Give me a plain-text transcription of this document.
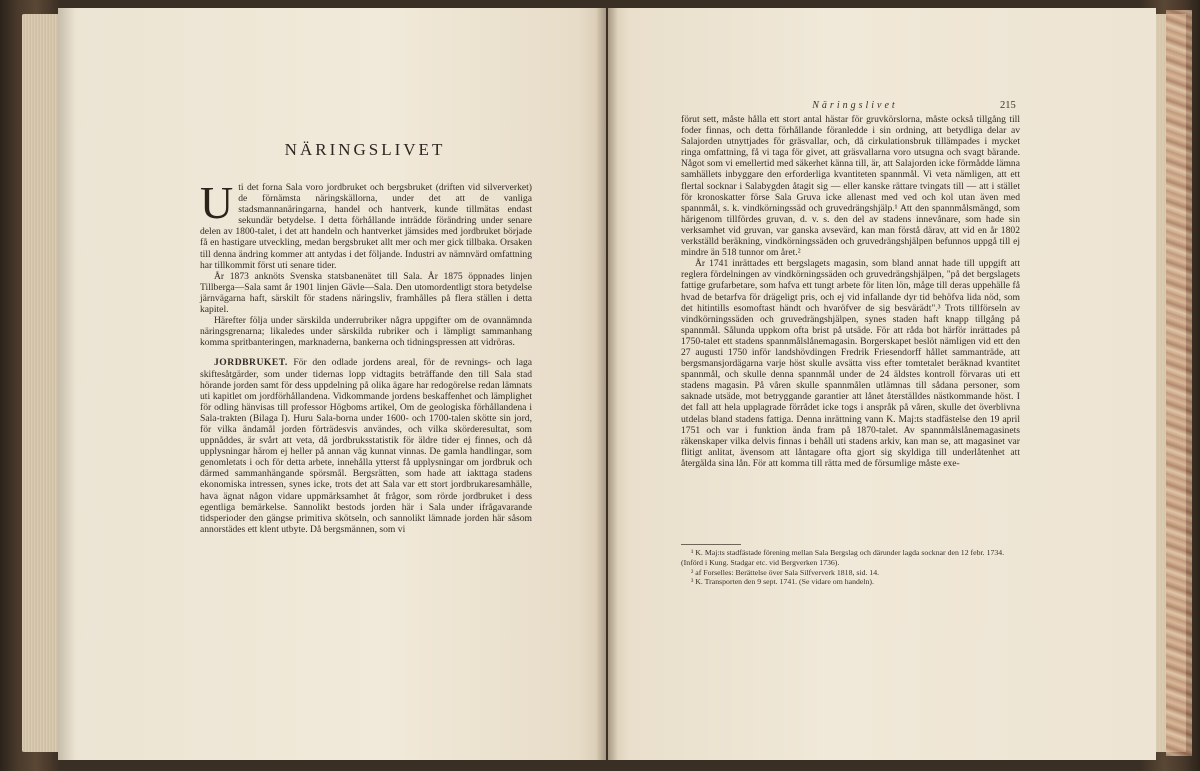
NÄRINGSLIVET

Uti det forna Sala voro jordbruket och bergsbruket (driften vid silververket) de förnämsta näringskällorna, under det att de vanliga stadsmannanäringarna, handel och hantverk, kunde tillmätas endast sekundär betydelse. I detta förhållande inträdde förändring under senare delen av 1800-talet, i det att handeln och hantverket jämsides med jordbruket började få en hastigare utveckling, medan bergsbruket allt mer och mer gick tillbaka. Orsaken till denna ändring kommer att antydas i det följande. Industri av nämnvärd omfattning har tillkommit först uti senare tider.

År 1873 anknöts Svenska statsbanenätet till Sala. År 1875 öppnades linjen Tillberga—Sala samt år 1901 linjen Gävle—Sala. Den utomordentligt stora betydelse järnvägarna haft, särskilt för stadens näringsliv, framhålles på flera ställen i detta kapitel.

Härefter följa under särskilda underrubriker några uppgifter om de ovannämnda näringsgrenarna; likaledes under särskilda rubriker och i lämpligt sammanhang komma spritbanteringen, marknaderna, bankerna och tidningspressen att vidröras.

JORDBRUKET. För den odlade jordens areal, för de revnings- och laga skiftesåtgärder, som under tidernas lopp vidtagits beträffande den till Sala stad hörande jorden samt för dess uppdelning på olika ägare har redogörelse redan lämnats uti kapitlet om jordförhållandena. Vidkommande jordens beskaffenhet och lämplighet för odling hänvisas till professor Högboms artikel, Om de geologiska förhållandena i Sala-trakten (Bilaga I). Huru Sala-borna under 1600- och 1700-talen skötte sin jord, för vilka ändamål jorden förträdesvis användes, och vilka skörderesultat, som uppnåddes, är svårt att veta, då jordbruksstatistik för äldre tider ej finnes, och då upplysningar härom ej heller på annan väg kunnat vinnas. De gamla handlingar, som genomletats i och för detta arbete, innehålla ytterst få upplysningar om jordbruk och därmed sammanhängande spörsmål. Bergsrätten, som hade att iakttaga stadens ekonomiska intressen, synes icke, trots det att Sala var ett stort jordbrukaresamhälle, hava ägnat någon vidare uppmärksamhet åt frågor, som rörde jordbruket i dess egentliga bemärkelse. Sannolikt bestods jorden här i Sala under ifrågavarande tidsperioder den gängse primitiva skötseln, och sannolikt lämnade jorden här såsom annorstädes ett klent utbyte. Då bergsmännen, som vi

Näringslivet	215

förut sett, måste hålla ett stort antal hästar för gruvkörslorna, måste också tillgång till foder finnas, och detta förhållande föranledde i sin ordning, att betydliga delar av Salajorden utnyttjades för gräsvallar, och, då cirkulationsbruk tillämpades i mycket ringa omfattning, få vi taga för givet, att gräsvallarna voro utsugna och svagt bärande. Något som vi emellertid med säkerhet känna till, är, att Salajorden icke förmådde lämna samhällets inbyggare den erforderliga kvantiteten spannmål. Vi veta nämligen, att ett flertal socknar i Salabygden åtagit sig — eller kanske rättare tvingats till — att i stället för kronoskatter förse Sala Gruva icke allenast med ved och kol utan även med spannmål, s. k. vindkörningssäd och gruvedrängshjälp.¹ Att den spannmålsmängd, som härigenom tillfördes gruvan, d. v. s. den del av stadens innevånare, som hade sin verksamhet vid gruvan, var ganska avsevärd, kan man förstå därav, att vid en år 1802 verkställd beräkning, vindkörningssäden och gruvedrängshjälpen befunnos uppgå till ej mindre än 518 tunnor om året.²

År 1741 inrättades ett bergslagets magasin, som bland annat hade till uppgift att reglera fördelningen av vindkörningssäden och gruvedrängshjälpen, "på det bergslagets fattige grufarbetare, som hafva ett tungt arbete för liten lön, måge till deras uppehälle få hvad de betarfva för drägeligt pris, och ej vid infallande dyr tid behöfva lida nöd, som det hitintills esomoftast händt och hvaröfver de sig besvärädt".³ Trots tillförseln av vindkörningssäden och gruvedrängshjälpen, synes staden haft knapp tillgång på spannmål. Sålunda uppkom ofta brist på utsäde. För att råda bot härför inrättades på 1750-talet ett stadens spannmålslånemagasin. Borgerskapet beslöt nämligen vid ett den 27 augusti 1750 inför landshövdingen Fredrik Friesendorff hållet sammanträde, att bergsmansjordägarna varje höst skulle avsätta viss efter tomtetalet beräknad kvantitet spannmål, och skulle denna spannmål under de 24 äldstes kontroll förvaras uti ett stadens magasin. På våren skulle spannmålen utlämnas till sådana personer, som saknade utsäde, mot betryggande garantier att lånet återställdes nästkommande höst. I det fall att hela upplagrade förrådet icke togs i anspråk på våren, skulle det överblivna utdelas bland stadens fattiga. Denna inrättning vann K. Maj:ts stadfästelse den 19 april 1751 och var i funktion ända fram på 1870-talet. Av spannmålslånemagasinets räkenskaper vilka delvis finnas i behåll uti stadens arkiv, kan man se, att magasinet var flitigt anlitat, ävensom att låntagare ofta gjort sig skyldiga till underlåtenhet att återgälda sina lån. För att komma till rätta med de försumlige måste exe-

¹ K. Maj:ts stadfästade förening mellan Sala Bergslag och därunder lagda socknar den 12 febr. 1734. (Införd i Kung. Stadgar etc. vid Bergverken 1736).
² af Forselles: Berättelse över Sala Silfververk 1818, sid. 14.
³ K. Transporten den 9 sept. 1741. (Se vidare om handeln).
